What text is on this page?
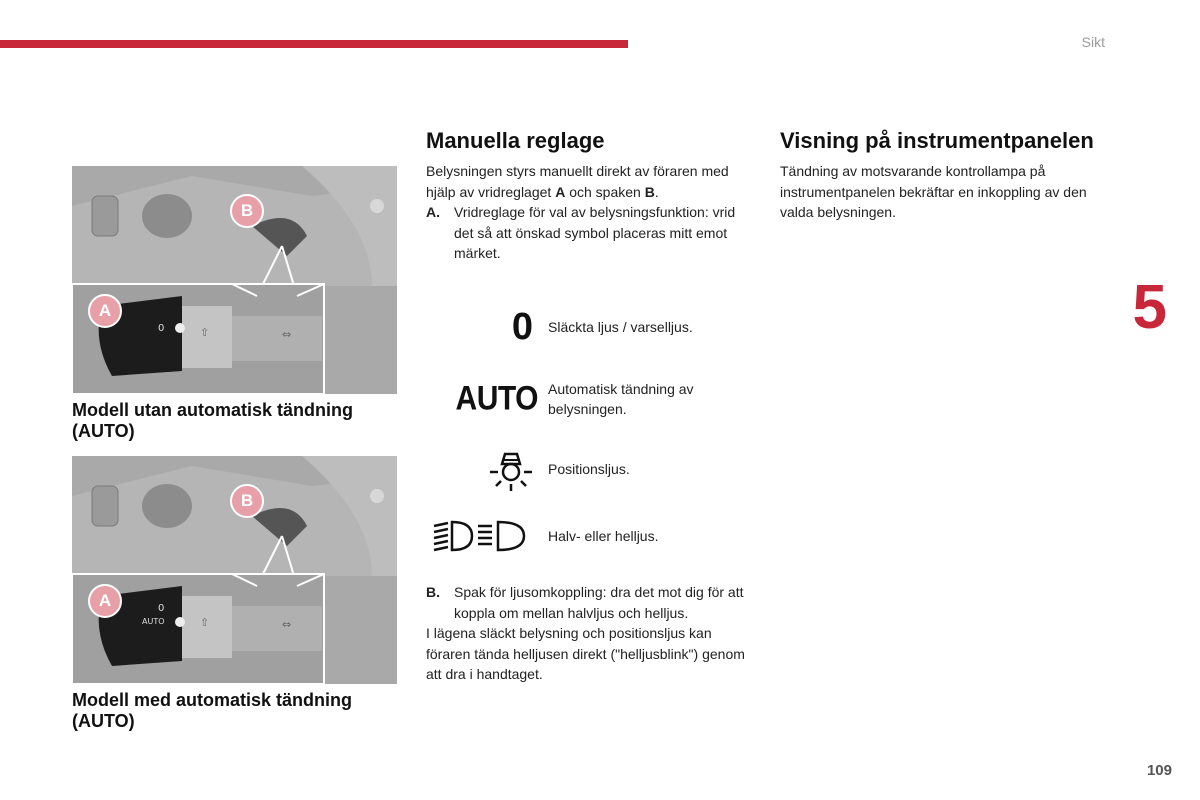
Sikt
5
109
0	⇧	⇔
A
B
Modell utan automatisk tändning (AUTO)
0
AUTO	⇧	⇔
A
B
Modell med automatisk tändning (AUTO)
Manuella reglage

Belysningen styrs manuellt direkt av föraren med hjälp av vridreglaget A och spaken B.

A.	Vridreglage för val av belysningsfunktion: vrid det så att önskad symbol placeras mitt emot märket.
0 Släckta ljus / varselljus.
AUTO Automatisk tändning av belysningen.
Positionsljus.
Halv- eller helljus.
B.	Spak för ljusomkoppling: dra det mot dig för att koppla om mellan halvljus och helljus.

I lägena släckt belysning och positionsljus kan föraren tända helljusen direkt ("helljusblink") genom att dra i handtaget.

Visning på instrumentpanelen

Tändning av motsvarande kontrollampa på instrumentpanelen bekräftar en inkoppling av den valda belysningen.
